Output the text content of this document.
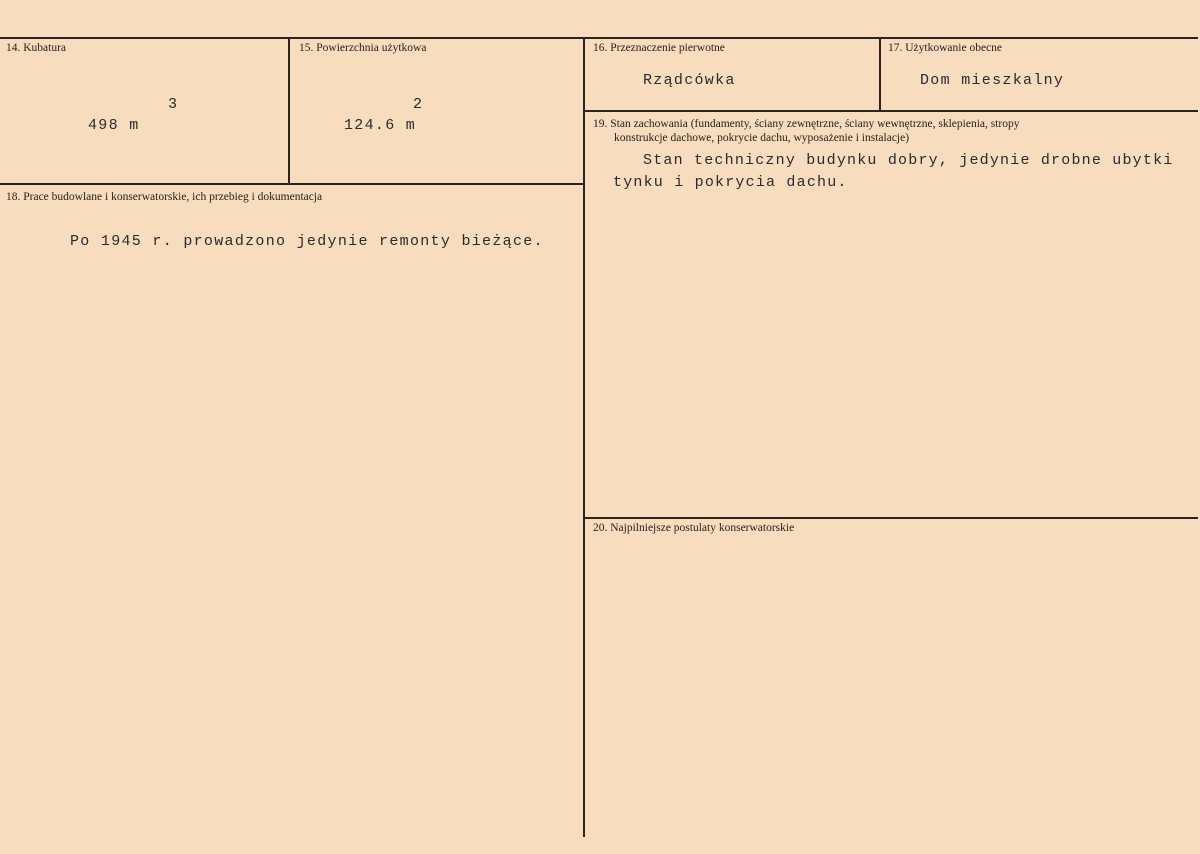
14. Kubatura
3
498 m
15. Powierzchnia użytkowa
2
124.6 m
16. Przeznaczenie pierwotne
Rządcówka
17. Użytkowanie obecne
Dom mieszkalny
18. Prace budowlane i konserwatorskie, ich przebieg i dokumentacja
Po 1945 r. prowadzono jedynie remonty bieżące.
19. Stan zachowania (fundamenty, ściany zewnętrzne, ściany wewnętrzne, sklepienia, stropy
konstrukcje dachowe, pokrycie dachu, wyposażenie i instalacje)
Stan techniczny budynku dobry, jedynie drobne ubytki
tynku i pokrycia dachu.
20. Najpilniejsze postulaty konserwatorskie
